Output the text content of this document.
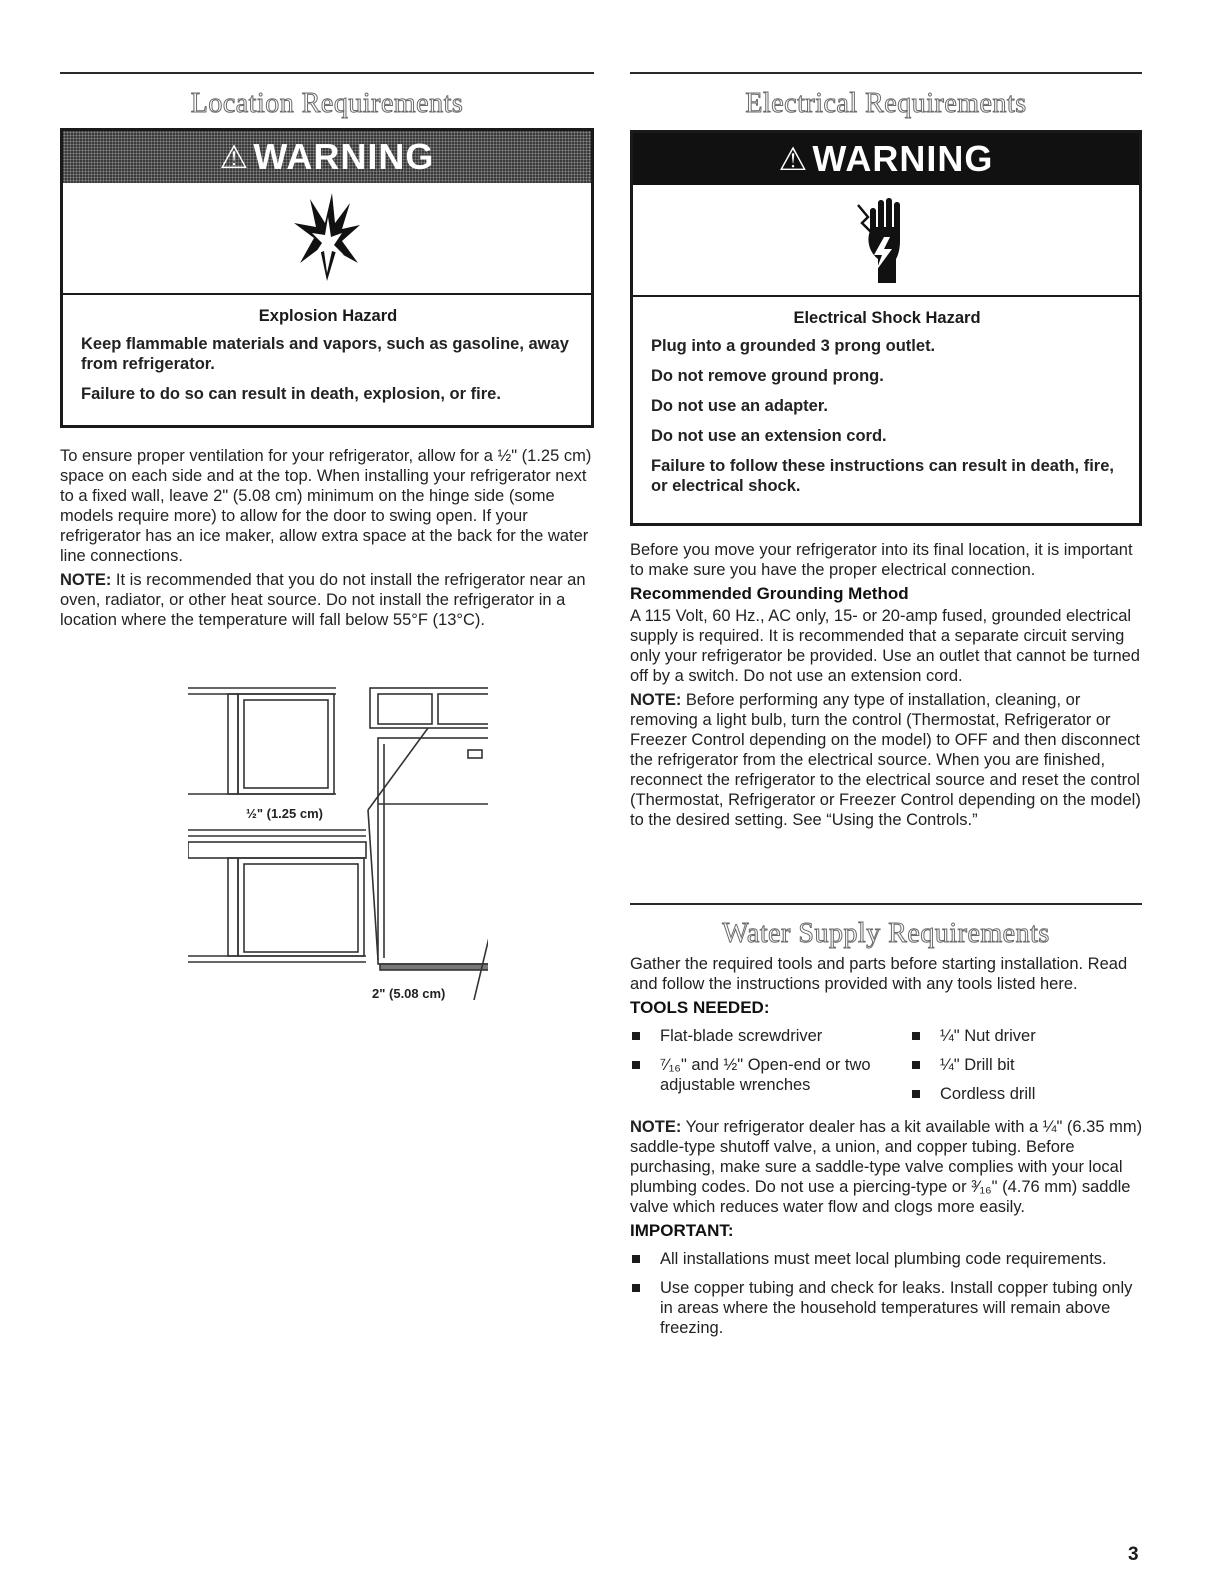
Location Requirements
⚠ WARNING
Explosion Hazard
Keep flammable materials and vapors, such as gasoline, away from refrigerator.
Failure to do so can result in death, explosion, or fire.

To ensure proper ventilation for your refrigerator, allow for a ½" (1.25 cm) space on each side and at the top. When installing your refrigerator next to a fixed wall, leave 2" (5.08 cm) minimum on the hinge side (some models require more) to allow for the door to swing open. If your refrigerator has an ice maker, allow extra space at the back for the water line connections.

NOTE: It is recommended that you do not install the refrigerator near an oven, radiator, or other heat source. Do not install the refrigerator in a location where the temperature will fall below 55°F (13°C).

½" (1.25 cm)
2" (5.08 cm)
Electrical Requirements
⚠ WARNING
Electrical Shock Hazard
Plug into a grounded 3 prong outlet.
Do not remove ground prong.
Do not use an adapter.
Do not use an extension cord.
Failure to follow these instructions can result in death, fire, or electrical shock.

Before you move your refrigerator into its final location, it is important to make sure you have the proper electrical connection.

Recommended Grounding Method

A 115 Volt, 60 Hz., AC only, 15- or 20-amp fused, grounded electrical supply is required. It is recommended that a separate circuit serving only your refrigerator be provided. Use an outlet that cannot be turned off by a switch. Do not use an extension cord.

NOTE: Before performing any type of installation, cleaning, or removing a light bulb, turn the control (Thermostat, Refrigerator or Freezer Control depending on the model) to OFF and then disconnect the refrigerator from the electrical source. When you are finished, reconnect the refrigerator to the electrical source and reset the control (Thermostat, Refrigerator or Freezer Control depending on the model) to the desired setting. See “Using the Controls.”

Water Supply Requirements

Gather the required tools and parts before starting installation. Read and follow the instructions provided with any tools listed here.

TOOLS NEEDED:
Flat-blade screwdriver
⁷⁄₁₆" and ½" Open-end or two adjustable wrenches
¼" Nut driver
¼" Drill bit
Cordless drill

NOTE: Your refrigerator dealer has a kit available with a ¼" (6.35 mm) saddle-type shutoff valve, a union, and copper tubing. Before purchasing, make sure a saddle-type valve complies with your local plumbing codes. Do not use a piercing-type or ³⁄₁₆" (4.76 mm) saddle valve which reduces water flow and clogs more easily.

IMPORTANT:
All installations must meet local plumbing code requirements.
Use copper tubing and check for leaks. Install copper tubing only in areas where the household temperatures will remain above freezing.
3
